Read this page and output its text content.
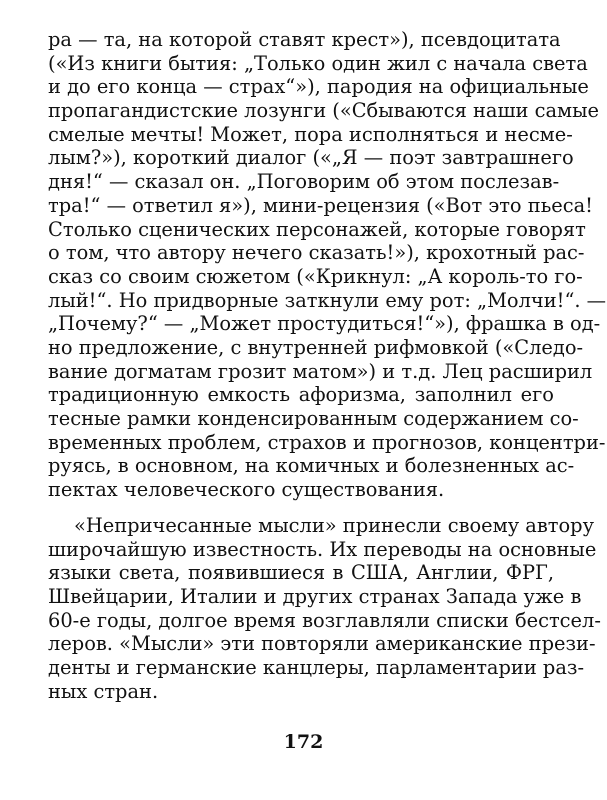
ра — та, на которой ставят крест»), псевдоцитата
(«Из книги бытия: „Только один жил с начала света
и до его конца — страх“»), пародия на официальные
пропагандистские лозунги («Сбываются наши самые
смелые мечты! Может, пора исполняться и несме-
лым?»), короткий диалог («„Я — поэт завтрашнего
дня!“ — сказал он. „Поговорим об этом послезав-
тра!“ — ответил я»), мини-рецензия («Вот это пьеса!
Столько сценических персонажей, которые говорят
о том, что автору нечего сказать!»), крохотный рас-
сказ со своим сюжетом («Крикнул: „А король-то го-
лый!“. Но придворные заткнули ему рот: „Молчи!“. —
„Почему?“ — „Может простудиться!“»), фрашка в од-
но предложение, с внутренней рифмовкой («Следо-
вание догматам грозит матом») и т.д. Лец расширил
традиционную емкость афоризма, заполнил его
тесные рамки конденсированным содержанием со-
временных проблем, страхов и прогнозов, концентри-
руясь, в основном, на комичных и болезненных ас-
пектах человеческого существования.
«Непричесанные мысли» принесли своему автору
широчайшую известность. Их переводы на основные
языки света, появившиеся в США, Англии, ФРГ,
Швейцарии, Италии и других странах Запада уже в
60-е годы, долгое время возглавляли списки бестсел-
леров. «Мысли» эти повторяли американские прези-
денты и германские канцлеры, парламентарии раз-
ных стран.
172
